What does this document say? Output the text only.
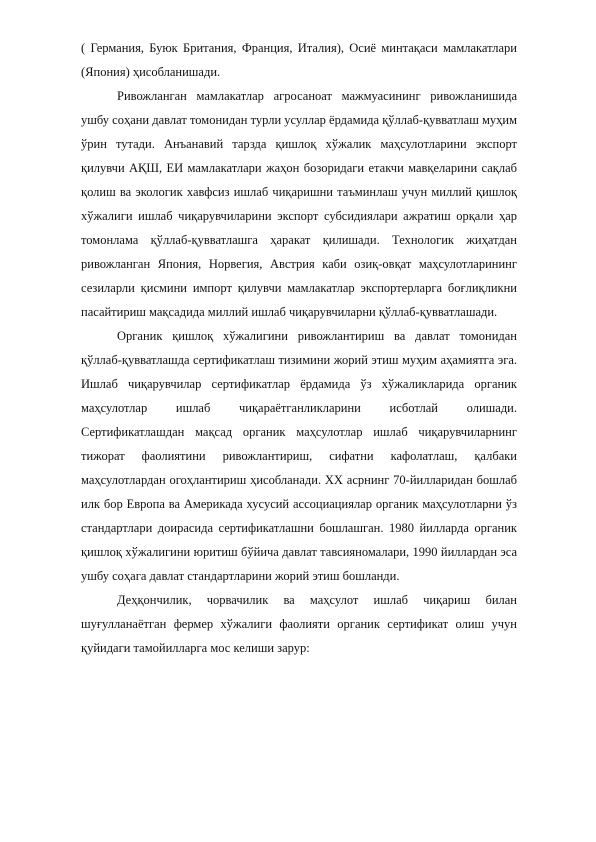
( Германия, Буюк Британия, Франция, Италия), Осиё минтақаси мамлакатлари (Япония) ҳисобланишади.

Ривожланган мамлакатлар агросаноат мажмуасининг ривожланишида ушбу соҳани давлат томонидан турли усуллар ёрдамида қўллаб-қувватлаш муҳим ўрин тутади. Анъанавий тарзда қишлоқ хўжалик маҳсулотларини экспорт қилувчи АҚШ, ЕИ мамлакатлари жаҳон бозоридаги етакчи мавқеларини сақлаб қолиш ва экологик хавфсиз ишлаб чиқаришни таъминлаш учун миллий қишлоқ хўжалиги ишлаб чиқарувчиларини экспорт субсидиялари ажратиш орқали ҳар томонлама қўллаб-қувватлашга ҳаракат қилишади. Технологик жиҳатдан ривожланган Япония, Норвегия, Австрия каби озиқ-овқат маҳсулотларининг сезиларли қисмини импорт қилувчи мамлакатлар экспортерларга боғлиқликни пасайтириш мақсадида миллий ишлаб чиқарувчиларни қўллаб-қувватлашади.

Органик қишлоқ хўжалигини ривожлантириш ва давлат томонидан қўллаб-қувватлашда сертификатлаш тизимини жорий этиш муҳим аҳамиятга эга. Ишлаб чиқарувчилар сертификатлар ёрдамида ўз хўжаликларида органик маҳсулотлар ишлаб чиқараётганликларини исботлай олишади. Сертификатлашдан мақсад органик маҳсулотлар ишлаб чиқарувчиларнинг тижорат фаолиятини ривожлантириш, сифатни кафолатлаш, қалбаки маҳсулотлардан огоҳлантириш ҳисобланади. XX асрнинг 70-йилларидан бошлаб илк бор Европа ва Америкада хусусий ассоциациялар органик маҳсулотларни ўз стандартлари доирасида сертификатлашни бошлашган. 1980 йилларда органик қишлоқ хўжалигини юритиш бўйича давлат тавсияномалари, 1990 йиллардан эса ушбу соҳага давлат стандартларини жорий этиш бошланди.

Деҳқончилик, чорвачилик ва маҳсулот ишлаб чиқариш билан шуғулланаётган фермер хўжалиги фаолияти органик сертификат олиш учун қуйидаги тамойилларга мос келиши зарур:
